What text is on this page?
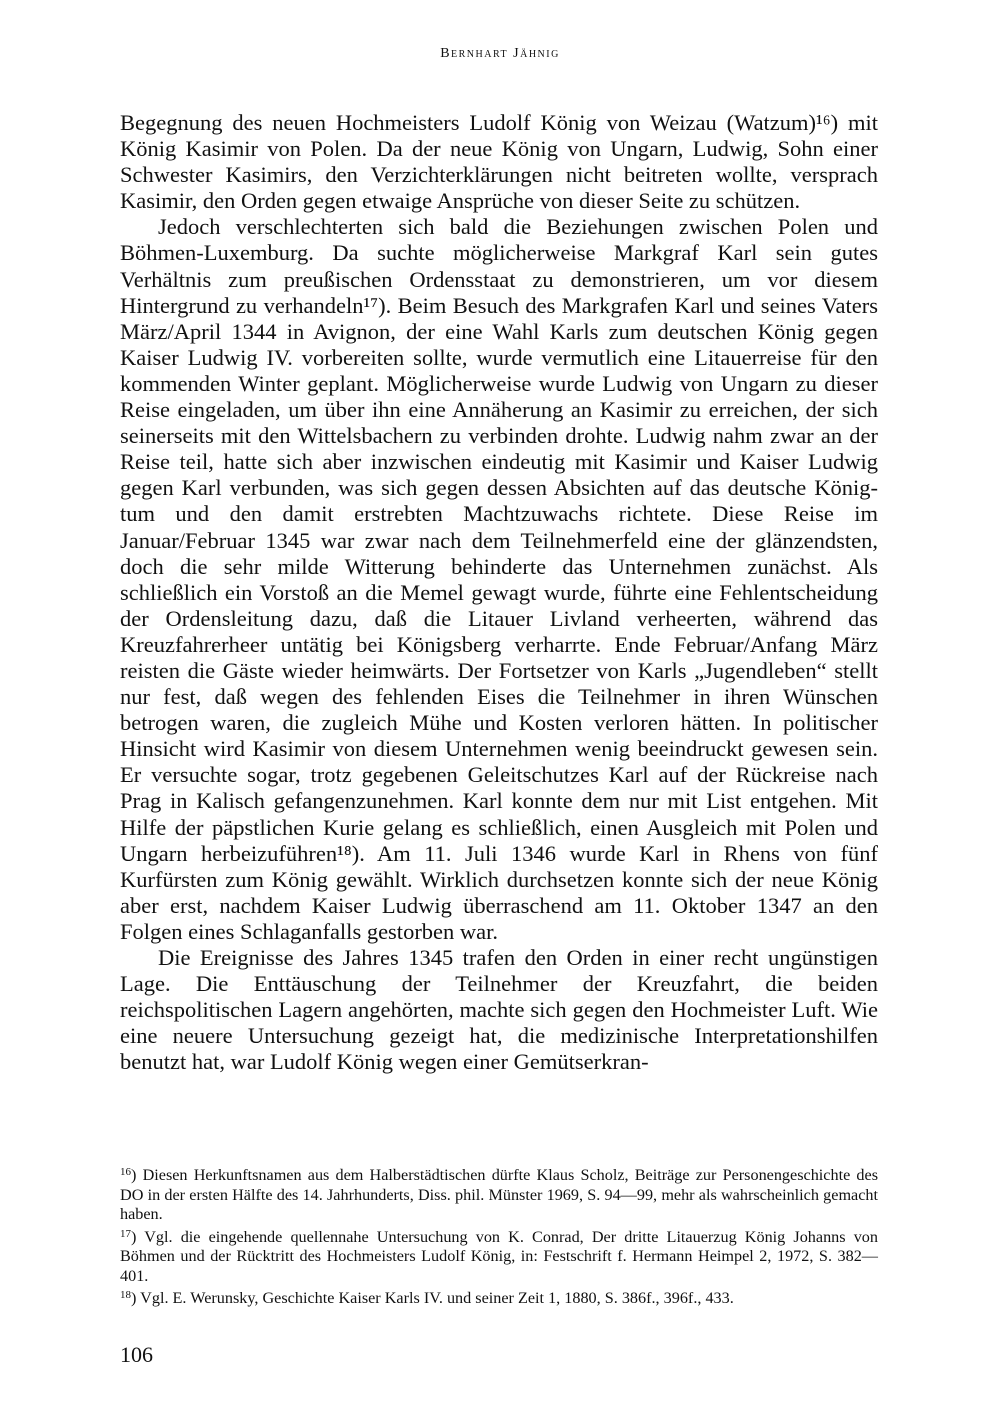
Bernhart Jähnig

Begegnung des neuen Hochmeisters Ludolf König von Weizau (Watzum)¹⁶) mit König Kasimir von Polen. Da der neue König von Ungarn, Ludwig, Sohn einer Schwester Kasimirs, den Verzichterklärungen nicht beitreten wollte, versprach Kasimir, den Orden gegen etwaige Ansprüche von dieser Seite zu schützen.

Jedoch verschlechterten sich bald die Beziehungen zwischen Polen und Böhmen-Luxemburg. Da suchte möglicherweise Markgraf Karl sein gutes Verhältnis zum preußischen Ordensstaat zu demonstrieren, um vor diesem Hintergrund zu verhandeln¹⁷). Beim Besuch des Markgrafen Karl und seines Vaters März/April 1344 in Avignon, der eine Wahl Karls zum deutschen König gegen Kaiser Ludwig IV. vorbereiten sollte, wurde vermutlich eine Litauerreise für den kommenden Winter geplant. Möglicherweise wurde Ludwig von Ungarn zu dieser Reise eingeladen, um über ihn eine Annäherung an Kasimir zu erreichen, der sich seinerseits mit den Wittelsbachern zu verbinden drohte. Ludwig nahm zwar an der Reise teil, hatte sich aber inzwischen eindeutig mit Kasimir und Kaiser Ludwig gegen Karl verbunden, was sich gegen dessen Absichten auf das deutsche Königtum und den damit erstrebten Machtzuwachs richtete. Diese Reise im Januar/Februar 1345 war zwar nach dem Teilnehmerfeld eine der glänzendsten, doch die sehr milde Witterung behinderte das Unternehmen zunächst. Als schließlich ein Vorstoß an die Memel gewagt wurde, führte eine Fehlentscheidung der Ordensleitung dazu, daß die Litauer Livland verheerten, während das Kreuzfahrerheer untätig bei Königsberg verharrte. Ende Februar/Anfang März reisten die Gäste wieder heimwärts. Der Fortsetzer von Karls „Jugendleben“ stellt nur fest, daß wegen des fehlenden Eises die Teilnehmer in ihren Wünschen betrogen waren, die zugleich Mühe und Kosten verloren hätten. In politischer Hinsicht wird Kasimir von diesem Unternehmen wenig beeindruckt gewesen sein. Er versuchte sogar, trotz gegebenen Geleitschutzes Karl auf der Rückreise nach Prag in Kalisch gefangenzunehmen. Karl konnte dem nur mit List entgehen. Mit Hilfe der päpstlichen Kurie gelang es schließlich, einen Ausgleich mit Polen und Ungarn herbeizuführen¹⁸). Am 11. Juli 1346 wurde Karl in Rhens von fünf Kurfürsten zum König gewählt. Wirklich durchsetzen konnte sich der neue König aber erst, nachdem Kaiser Ludwig überraschend am 11. Oktober 1347 an den Folgen eines Schlaganfalls gestorben war.

Die Ereignisse des Jahres 1345 trafen den Orden in einer recht ungünstigen Lage. Die Enttäuschung der Teilnehmer der Kreuzfahrt, die beiden reichspolitischen Lagern angehörten, machte sich gegen den Hochmeister Luft. Wie eine neuere Untersuchung gezeigt hat, die medizinische Interpretationshilfen benutzt hat, war Ludolf König wegen einer Gemütserkran-

$^{16}$) Diesen Herkunftsnamen aus dem Halberstädtischen dürfte Klaus Scholz, Beiträge zur Personengeschichte des DO in der ersten Hälfte des 14. Jahrhunderts, Diss. phil. Münster 1969, S. 94—99, mehr als wahrscheinlich gemacht haben.

$^{17}$) Vgl. die eingehende quellennahe Untersuchung von K. Conrad, Der dritte Litauerzug König Johanns von Böhmen und der Rücktritt des Hochmeisters Ludolf König, in: Festschrift f. Hermann Heimpel 2, 1972, S. 382—401.

$^{18}$) Vgl. E. Werunsky, Geschichte Kaiser Karls IV. und seiner Zeit 1, 1880, S. 386f., 396f., 433.

106
